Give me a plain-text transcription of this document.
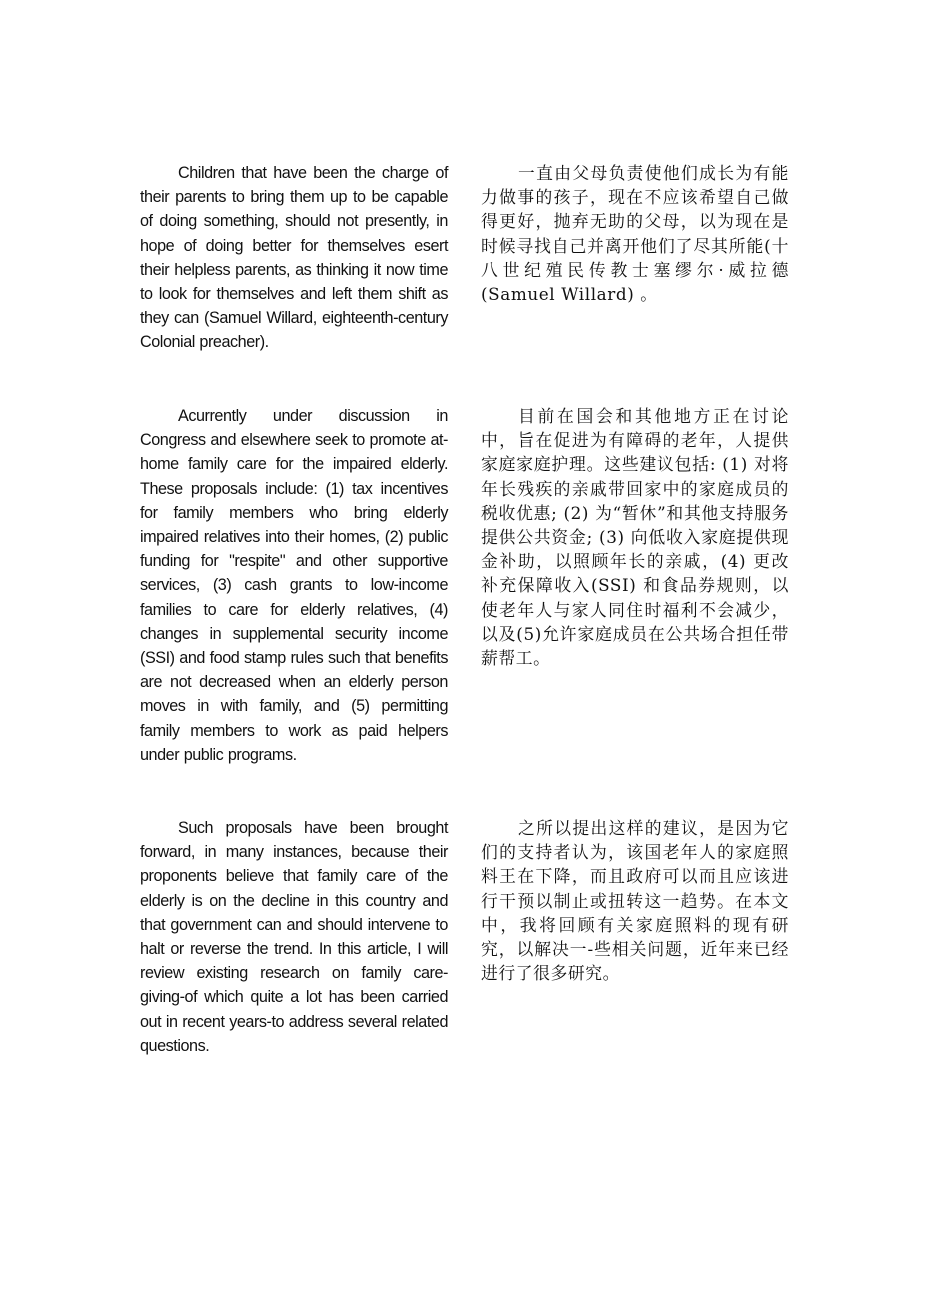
Children that have been the charge of their parents to bring them up to be capable of doing something, should not presently, in hope of doing better for themselves esert their helpless parents, as thinking it now time to look for themselves and left them shift as they can (Samuel Willard, eighteenth-century Colonial preacher).

一直由父母负责使他们成长为有能力做事的孩子，现在不应该希望自己做得更好，抛弃无助的父母，以为现在是时候寻找自己并离开他们了尽其所能(十八世纪殖民传教士塞缪尔·威拉德(Samuel Willard) 。

Acurrently under discussion in Congress and elsewhere seek to promote at-home family care for the impaired elderly. These proposals include: (1) tax incentives for family members who bring elderly impaired relatives into their homes, (2) public funding for "respite" and other supportive services, (3) cash grants to low-income families to care for elderly relatives, (4) changes in supplemental security income (SSI) and food stamp rules such that benefits are not decreased when an elderly person moves in with family, and (5) permitting family members to work as paid helpers under public programs.

目前在国会和其他地方正在讨论中，旨在促进为有障碍的老年，人提供家庭家庭护理。这些建议包括: (1) 对将年长残疾的亲戚带回家中的家庭成员的税收优惠; (2) 为“暂休”和其他支持服务提供公共资金; (3) 向低收入家庭提供现金补助，以照顾年长的亲戚，(4) 更改补充保障收入(SSI) 和食品券规则，以使老年人与家人同住时福利不会减少，以及(5)允许家庭成员在公共场合担任带薪帮工。

Such proposals have been brought forward, in many instances, because their proponents believe that family care of the elderly is on the decline in this country and that government can and should intervene to halt or reverse the trend. In this article, I will review existing research on family care-giving-of which quite a lot has been carried out in recent years-to address several related questions.

之所以提出这样的建议，是因为它们的支持者认为，该国老年人的家庭照料王在下降，而且政府可以而且应该进行干预以制止或扭转这一趋势。在本文中，我将回顾有关家庭照料的现有研究，以解决一-些相关问题，近年来已经进行了很多研究。
